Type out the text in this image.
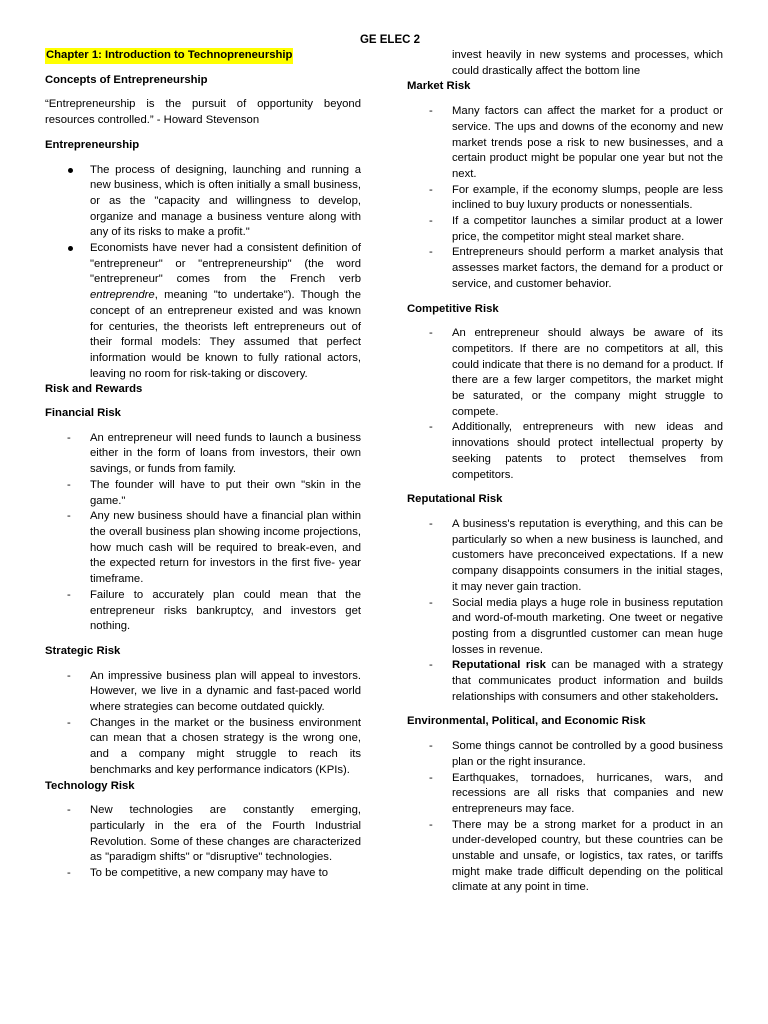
GE ELEC 2
Chapter 1: Introduction to Technopreneurship
Concepts of Entrepreneurship

“Entrepreneurship is the pursuit of opportunity beyond resources controlled.” - Howard Stevenson

Entrepreneurship
The process of designing, launching and running a new business, which is often initially a small business, or as the "capacity and willingness to develop, organize and manage a business venture along with any of its risks to make a profit."
Economists have never had a consistent definition of "entrepreneur" or "entrepreneurship" (the word "entrepreneur" comes from the French verb entreprendre, meaning "to undertake"). Though the concept of an entrepreneur existed and was known for centuries, the theorists left entrepreneurs out of their formal models: They assumed that perfect information would be known to fully rational actors, leaving no room for risk-taking or discovery.
Risk and Rewards
Financial Risk
- An entrepreneur will need funds to launch a business either in the form of loans from investors, their own savings, or funds from family.
- The founder will have to put their own "skin in the game."
- Any new business should have a financial plan within the overall business plan showing income projections, how much cash will be required to break-even, and the expected return for investors in the first five- year timeframe.
- Failure to accurately plan could mean that the entrepreneur risks bankruptcy, and investors get nothing.
Strategic Risk
- An impressive business plan will appeal to investors. However, we live in a dynamic and fast-paced world where strategies can become outdated quickly.
- Changes in the market or the business environment can mean that a chosen strategy is the wrong one, and a company might struggle to reach its benchmarks and key performance indicators (KPIs).
Technology Risk
- New technologies are constantly emerging, particularly in the era of the Fourth Industrial Revolution. Some of these changes are characterized as "paradigm shifts" or "disruptive" technologies.
- To be competitive, a new company may have to

invest heavily in new systems and processes, which could drastically affect the bottom line

Market Risk
- Many factors can affect the market for a product or service. The ups and downs of the economy and new market trends pose a risk to new businesses, and a certain product might be popular one year but not the next.
- For example, if the economy slumps, people are less inclined to buy luxury products or nonessentials.
- If a competitor launches a similar product at a lower price, the competitor might steal market share.
- Entrepreneurs should perform a market analysis that assesses market factors, the demand for a product or service, and customer behavior.
Competitive Risk
- An entrepreneur should always be aware of its competitors. If there are no competitors at all, this could indicate that there is no demand for a product. If there are a few larger competitors, the market might be saturated, or the company might struggle to compete.
- Additionally, entrepreneurs with new ideas and innovations should protect intellectual property by seeking patents to protect themselves from competitors.
Reputational Risk
- A business's reputation is everything, and this can be particularly so when a new business is launched, and customers have preconceived expectations. If a new company disappoints consumers in the initial stages, it may never gain traction.
- Social media plays a huge role in business reputation and word-of-mouth marketing. One tweet or negative posting from a disgruntled customer can mean huge losses in revenue.
- Reputational risk can be managed with a strategy that communicates product information and builds relationships with consumers and other stakeholders.
Environmental, Political, and Economic Risk
- Some things cannot be controlled by a good business plan or the right insurance.
- Earthquakes, tornadoes, hurricanes, wars, and recessions are all risks that companies and new entrepreneurs may face.
- There may be a strong market for a product in an under-developed country, but these countries can be unstable and unsafe, or logistics, tax rates, or tariffs might make trade difficult depending on the political climate at any point in time.
